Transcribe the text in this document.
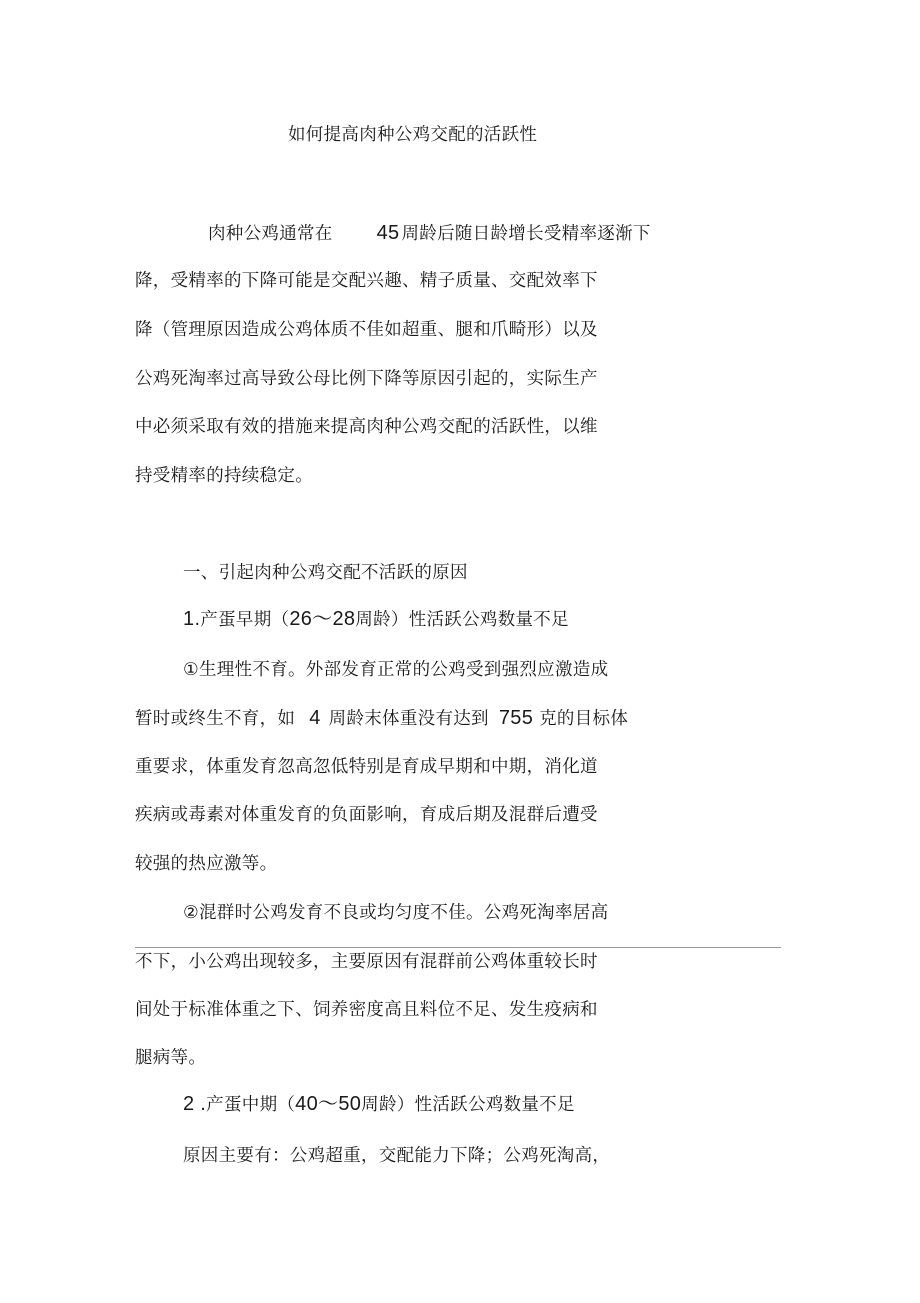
如何提高肉种公鸡交配的活跃性
肉种公鸡通常在 45 周龄后随日龄增长受精率逐渐下
降，受精率的下降可能是交配兴趣、精子质量、交配效率下
降（管理原因造成公鸡体质不佳如超重、腿和爪畸形）以及
公鸡死淘率过高导致公母比例下降等原因引起的，实际生产
中必须采取有效的措施来提高肉种公鸡交配的活跃性，以维
持受精率的持续稳定。
一、引起肉种公鸡交配不活跃的原因
1.产蛋早期（26～28周龄）性活跃公鸡数量不足
①生理性不育。外部发育正常的公鸡受到强烈应激造成
暂时或终生不育，如 4 周龄末体重没有达到 755 克的目标体
重要求，体重发育忽高忽低特别是育成早期和中期，消化道
疾病或毒素对体重发育的负面影响，育成后期及混群后遭受
较强的热应激等。
②混群时公鸡发育不良或均匀度不佳。公鸡死淘率居高
不下，小公鸡出现较多，主要原因有混群前公鸡体重较长时
间处于标准体重之下、饲养密度高且料位不足、发生疫病和
腿病等。
2 .产蛋中期（40～50周龄）性活跃公鸡数量不足
原因主要有：公鸡超重，交配能力下降；公鸡死淘高，
